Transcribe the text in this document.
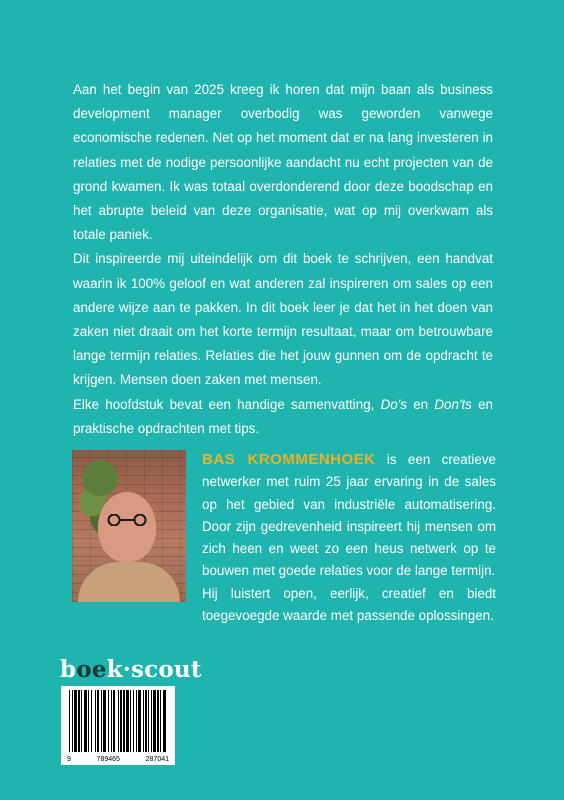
Aan het begin van 2025 kreeg ik horen dat mijn baan als business development manager overbodig was geworden vanwege economische redenen. Net op het moment dat er na lang investeren in relaties met de nodige persoonlijke aandacht nu echt projecten van de grond kwamen. Ik was totaal overdonderend door deze boodschap en het abrupte beleid van deze organisatie, wat op mij overkwam als totale paniek.

Dit inspireerde mij uiteindelijk om dit boek te schrijven, een handvat waarin ik 100% geloof en wat anderen zal inspireren om sales op een andere wijze aan te pakken. In dit boek leer je dat het in het doen van zaken niet draait om het korte termijn resultaat, maar om betrouwbare lange termijn relaties. Relaties die het jouw gunnen om de opdracht te krijgen. Mensen doen zaken met mensen.

Elke hoofdstuk bevat een handige samenvatting, Do's en Don'ts en praktische opdrachten met tips.

BAS KROMMENHOEK is een creatieve netwerker met ruim 25 jaar ervaring in de sales op het gebied van industriële automatisering. Door zijn gedrevenheid inspireert hij mensen om zich heen en weet zo een heus netwerk op te bouwen met goede relaties voor de lange termijn.

Hij luistert open, eerlijk, creatief en biedt toegevoegde waarde met passende oplossingen.

boek·scout
9	789465	287041
